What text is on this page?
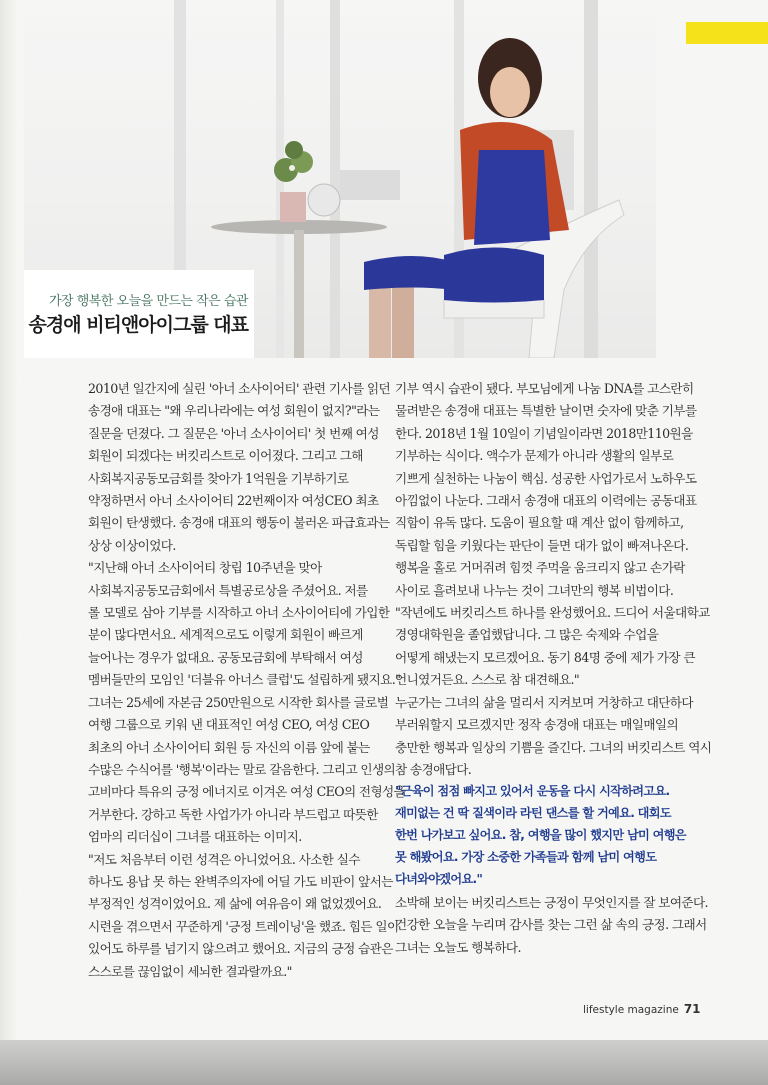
가장 행복한 오늘을 만드는 작은 습관
송경애 비티앤아이그룹 대표

2010년 일간지에 실린 '아너 소사이어티' 관련 기사를 읽던

송경애 대표는 "왜 우리나라에는 여성 회원이 없지?"라는

질문을 던졌다. 그 질문은 '아너 소사이어티' 첫 번째 여성

회원이 되겠다는 버킷리스트로 이어졌다. 그리고 그해

사회복지공동모금회를 찾아가 1억원을 기부하기로

약정하면서 아너 소사이어티 22번째이자 여성CEO 최초

회원이 탄생했다. 송경애 대표의 행동이 불러온 파급효과는

상상 이상이었다.

"지난해 아너 소사이어티 창립 10주년을 맞아

사회복지공동모금회에서 특별공로상을 주셨어요. 저를

롤 모델로 삼아 기부를 시작하고 아너 소사이어티에 가입한

분이 많다면서요. 세계적으로도 이렇게 회원이 빠르게

늘어나는 경우가 없대요. 공동모금회에 부탁해서 여성

멤버들만의 모임인 '더블유 아너스 클럽'도 설립하게 됐지요."

그녀는 25세에 자본금 250만원으로 시작한 회사를 글로벌

여행 그룹으로 키워 낸 대표적인 여성 CEO, 여성 CEO

최초의 아너 소사이어티 회원 등 자신의 이름 앞에 붙는

수많은 수식어를 '행복'이라는 말로 갈음한다. 그리고 인생의

고비마다 특유의 긍정 에너지로 이겨온 여성 CEO의 전형성을

거부한다. 강하고 독한 사업가가 아니라 부드럽고 따뜻한

엄마의 리더십이 그녀를 대표하는 이미지.

"저도 처음부터 이런 성격은 아니었어요. 사소한 실수

하나도 용납 못 하는 완벽주의자에 어딜 가도 비판이 앞서는

부정적인 성격이었어요. 제 삶에 여유음이 왜 없었겠어요.

시련을 겪으면서 꾸준하게 '긍정 트레이닝'을 했죠. 힘든 일이

있어도 하루를 넘기지 않으려고 했어요. 지금의 긍정 습관은

스스로를 끊임없이 세뇌한 결과랄까요."

기부 역시 습관이 됐다. 부모님에게 나눔 DNA를 고스란히

물려받은 송경애 대표는 특별한 날이면 숫자에 맞춘 기부를

한다. 2018년 1월 10일이 기념일이라면 2018만110원을

기부하는 식이다. 액수가 문제가 아니라 생활의 일부로

기쁘게 실천하는 나눔이 핵심. 성공한 사업가로서 노하우도

아낌없이 나눈다. 그래서 송경애 대표의 이력에는 공동대표

직함이 유독 많다. 도움이 필요할 때 계산 없이 함께하고,

독립할 힘을 키웠다는 판단이 들면 대가 없이 빠져나온다.

행복을 홀로 거머쥐려 힘껏 주먹을 움크리지 않고 손가락

사이로 흘려보내 나누는 것이 그녀만의 행복 비법이다.

"작년에도 버킷리스트 하나를 완성했어요. 드디어 서울대학교

경영대학원을 졸업했답니다. 그 많은 숙제와 수업을

어떻게 해냈는지 모르겠어요. 동기 84명 중에 제가 가장 큰

언니였거든요. 스스로 참 대견해요."

누군가는 그녀의 삶을 멀리서 지켜보며 거창하고 대단하다

부러워할지 모르겠지만 정작 송경애 대표는 매일매일의

충만한 행복과 일상의 기쁨을 즐긴다. 그녀의 버킷리스트 역시

참 송경애답다.

"근육이 점점 빠지고 있어서 운동을 다시 시작하려고요.
재미없는 건 딱 질색이라 라틴 댄스를 할 거예요. 대회도
한번 나가보고 싶어요. 참, 여행을 많이 했지만 남미 여행은
못 해봤어요. 가장 소중한 가족들과 함께 남미 여행도
다녀와야겠어요."
소박해 보이는 버킷리스트는 긍정이 무엇인지를 잘 보여준다.
건강한 오늘을 누리며 감사를 찾는 그런 삶 속의 긍정. 그래서
그녀는 오늘도 행복하다.
lifestyle magazine 71
